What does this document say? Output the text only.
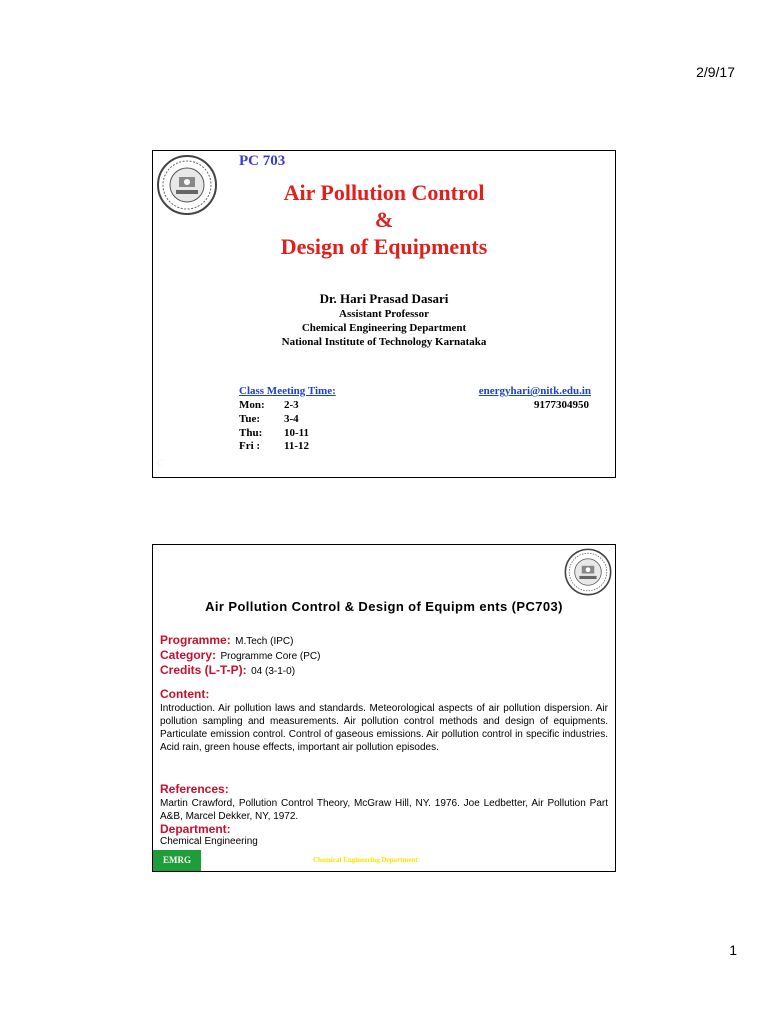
2/9/17
PC 703
Air Pollution Control
&
Design of Equipments
Dr. Hari Prasad Dasari
Assistant Professor
Chemical Engineering Department
National Institute of Technology Karnataka
Class Meeting Time:	energyhari@nitk.edu.in
9177304950
Mon: 2-3
Tue: 3-4
Thu: 10-11
Fri : 11-12
C
Air Pollution Control & Design of Equipm ents (PC703)
Programme: M.Tech (IPC)
Category: Programme Core (PC)
Credits (L-T-P): 04 (3-1-0)
Content:
Introduction. Air pollution laws and standards. Meteorological aspects of air pollution dispersion. Air pollution sampling and measurements. Air pollution control methods and design of equipments. Particulate emission control. Control of gaseous emissions. Air pollution control in specific industries. Acid rain, green house effects, important air pollution episodes.
References:
Martin Crawford, Pollution Control Theory, McGraw Hill, NY. 1976. Joe Ledbetter, Air Pollution Part A&B, Marcel Dekker, NY, 1972.
Department:
Chemical Engineering
EMRG	Chemical Engineering Department
1
